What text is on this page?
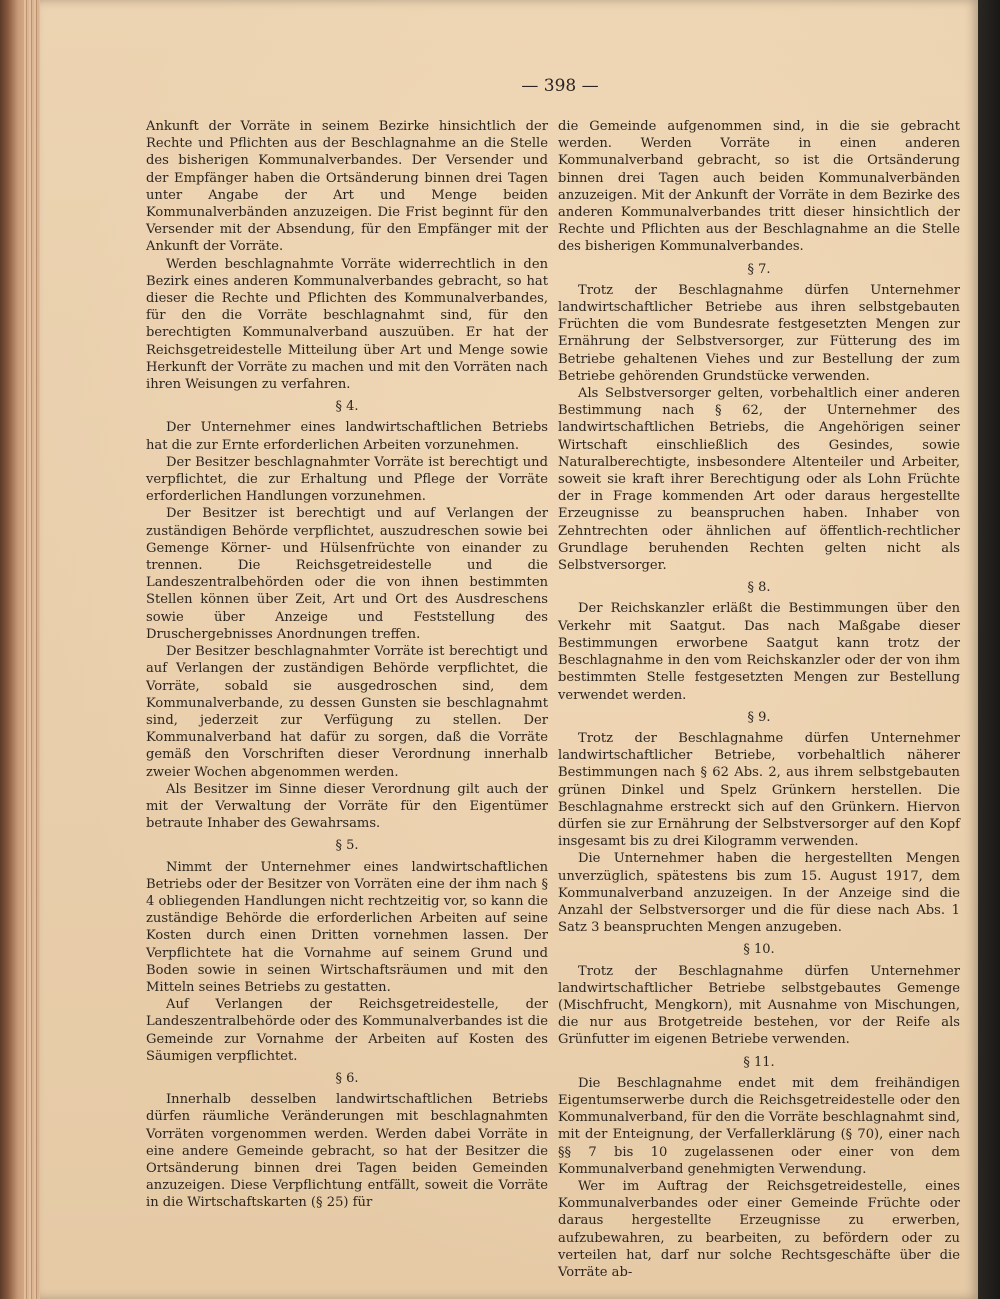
— 398 —

Ankunft der Vorräte in seinem Bezirke hinsichtlich der Rechte und Pflichten aus der Beschlagnahme an die Stelle des bisherigen Kommunalverbandes. Der Versender und der Empfänger haben die Ortsänderung binnen drei Tagen unter Angabe der Art und Menge beiden Kommunalverbänden anzuzeigen. Die Frist beginnt für den Versender mit der Absendung, für den Empfänger mit der Ankunft der Vorräte.

Werden beschlagnahmte Vorräte widerrechtlich in den Bezirk eines anderen Kommunalverbandes gebracht, so hat dieser die Rechte und Pflichten des Kommunalverbandes, für den die Vorräte beschlagnahmt sind, für den berechtigten Kommunalverband auszuüben. Er hat der Reichsgetreidestelle Mitteilung über Art und Menge sowie Herkunft der Vorräte zu machen und mit den Vorräten nach ihren Weisungen zu verfahren.

§ 4.

Der Unternehmer eines landwirtschaftlichen Betriebs hat die zur Ernte erforderlichen Arbeiten vorzunehmen.

Der Besitzer beschlagnahmter Vorräte ist berechtigt und verpflichtet, die zur Erhaltung und Pflege der Vorräte erforderlichen Handlungen vorzunehmen.

Der Besitzer ist berechtigt und auf Verlangen der zuständigen Behörde verpflichtet, auszudreschen sowie bei Gemenge Körner- und Hülsenfrüchte von einander zu trennen. Die Reichsgetreidestelle und die Landeszentralbehörden oder die von ihnen bestimmten Stellen können über Zeit, Art und Ort des Ausdreschens sowie über Anzeige und Feststellung des Druschergebnisses Anordnungen treffen.

Der Besitzer beschlagnahmter Vorräte ist berechtigt und auf Verlangen der zuständigen Behörde verpflichtet, die Vorräte, sobald sie ausgedroschen sind, dem Kommunalverbande, zu dessen Gunsten sie beschlagnahmt sind, jederzeit zur Verfügung zu stellen. Der Kommunalverband hat dafür zu sorgen, daß die Vorräte gemäß den Vorschriften dieser Verordnung innerhalb zweier Wochen abgenommen werden.

Als Besitzer im Sinne dieser Verordnung gilt auch der mit der Verwaltung der Vorräte für den Eigentümer betraute Inhaber des Gewahrsams.

§ 5.

Nimmt der Unternehmer eines landwirtschaftlichen Betriebs oder der Besitzer von Vorräten eine der ihm nach § 4 obliegenden Handlungen nicht rechtzeitig vor, so kann die zuständige Behörde die erforderlichen Arbeiten auf seine Kosten durch einen Dritten vornehmen lassen. Der Verpflichtete hat die Vornahme auf seinem Grund und Boden sowie in seinen Wirtschaftsräumen und mit den Mitteln seines Betriebs zu gestatten.

Auf Verlangen der Reichsgetreidestelle, der Landeszentralbehörde oder des Kommunalverbandes ist die Gemeinde zur Vornahme der Arbeiten auf Kosten des Säumigen verpflichtet.

§ 6.

Innerhalb desselben landwirtschaftlichen Betriebs dürfen räumliche Veränderungen mit beschlagnahmten Vorräten vorgenommen werden. Werden dabei Vorräte in eine andere Gemeinde gebracht, so hat der Besitzer die Ortsänderung binnen drei Tagen beiden Gemeinden anzuzeigen. Diese Verpflichtung entfällt, soweit die Vorräte in die Wirtschaftskarten (§ 25) für

die Gemeinde aufgenommen sind, in die sie gebracht werden. Werden Vorräte in einen anderen Kommunalverband gebracht, so ist die Ortsänderung binnen drei Tagen auch beiden Kommunalverbänden anzuzeigen. Mit der Ankunft der Vorräte in dem Bezirke des anderen Kommunalverbandes tritt dieser hinsichtlich der Rechte und Pflichten aus der Beschlagnahme an die Stelle des bisherigen Kommunalverbandes.

§ 7.

Trotz der Beschlagnahme dürfen Unternehmer landwirtschaftlicher Betriebe aus ihren selbstgebauten Früchten die vom Bundesrate festgesetzten Mengen zur Ernährung der Selbstversorger, zur Fütterung des im Betriebe gehaltenen Viehes und zur Bestellung der zum Betriebe gehörenden Grundstücke verwenden.

Als Selbstversorger gelten, vorbehaltlich einer anderen Bestimmung nach § 62, der Unternehmer des landwirtschaftlichen Betriebs, die Angehörigen seiner Wirtschaft einschließlich des Gesindes, sowie Naturalberechtigte, insbesondere Altenteiler und Arbeiter, soweit sie kraft ihrer Berechtigung oder als Lohn Früchte der in Frage kommenden Art oder daraus hergestellte Erzeugnisse zu beanspruchen haben. Inhaber von Zehntrechten oder ähnlichen auf öffentlich-rechtlicher Grundlage beruhenden Rechten gelten nicht als Selbstversorger.

§ 8.

Der Reichskanzler erläßt die Bestimmungen über den Verkehr mit Saatgut. Das nach Maßgabe dieser Bestimmungen erworbene Saatgut kann trotz der Beschlagnahme in den vom Reichskanzler oder der von ihm bestimmten Stelle festgesetzten Mengen zur Bestellung verwendet werden.

§ 9.

Trotz der Beschlagnahme dürfen Unternehmer landwirtschaftlicher Betriebe, vorbehaltlich näherer Bestimmungen nach § 62 Abs. 2, aus ihrem selbstgebauten grünen Dinkel und Spelz Grünkern herstellen. Die Beschlagnahme erstreckt sich auf den Grünkern. Hiervon dürfen sie zur Ernährung der Selbstversorger auf den Kopf insgesamt bis zu drei Kilogramm verwenden.

Die Unternehmer haben die hergestellten Mengen unverzüglich, spätestens bis zum 15. August 1917, dem Kommunalverband anzuzeigen. In der Anzeige sind die Anzahl der Selbstversorger und die für diese nach Abs. 1 Satz 3 beanspruchten Mengen anzugeben.

§ 10.

Trotz der Beschlagnahme dürfen Unternehmer landwirtschaftlicher Betriebe selbstgebautes Gemenge (Mischfrucht, Mengkorn), mit Ausnahme von Mischungen, die nur aus Brotgetreide bestehen, vor der Reife als Grünfutter im eigenen Betriebe verwenden.

§ 11.

Die Beschlagnahme endet mit dem freihändigen Eigentumserwerbe durch die Reichsgetreidestelle oder den Kommunalverband, für den die Vorräte beschlagnahmt sind, mit der Enteignung, der Verfallerklärung (§ 70), einer nach §§ 7 bis 10 zugelassenen oder einer von dem Kommunalverband genehmigten Verwendung.

Wer im Auftrag der Reichsgetreidestelle, eines Kommunalverbandes oder einer Gemeinde Früchte oder daraus hergestellte Erzeugnisse zu erwerben, aufzubewahren, zu bearbeiten, zu befördern oder zu verteilen hat, darf nur solche Rechtsgeschäfte über die Vorräte ab-
